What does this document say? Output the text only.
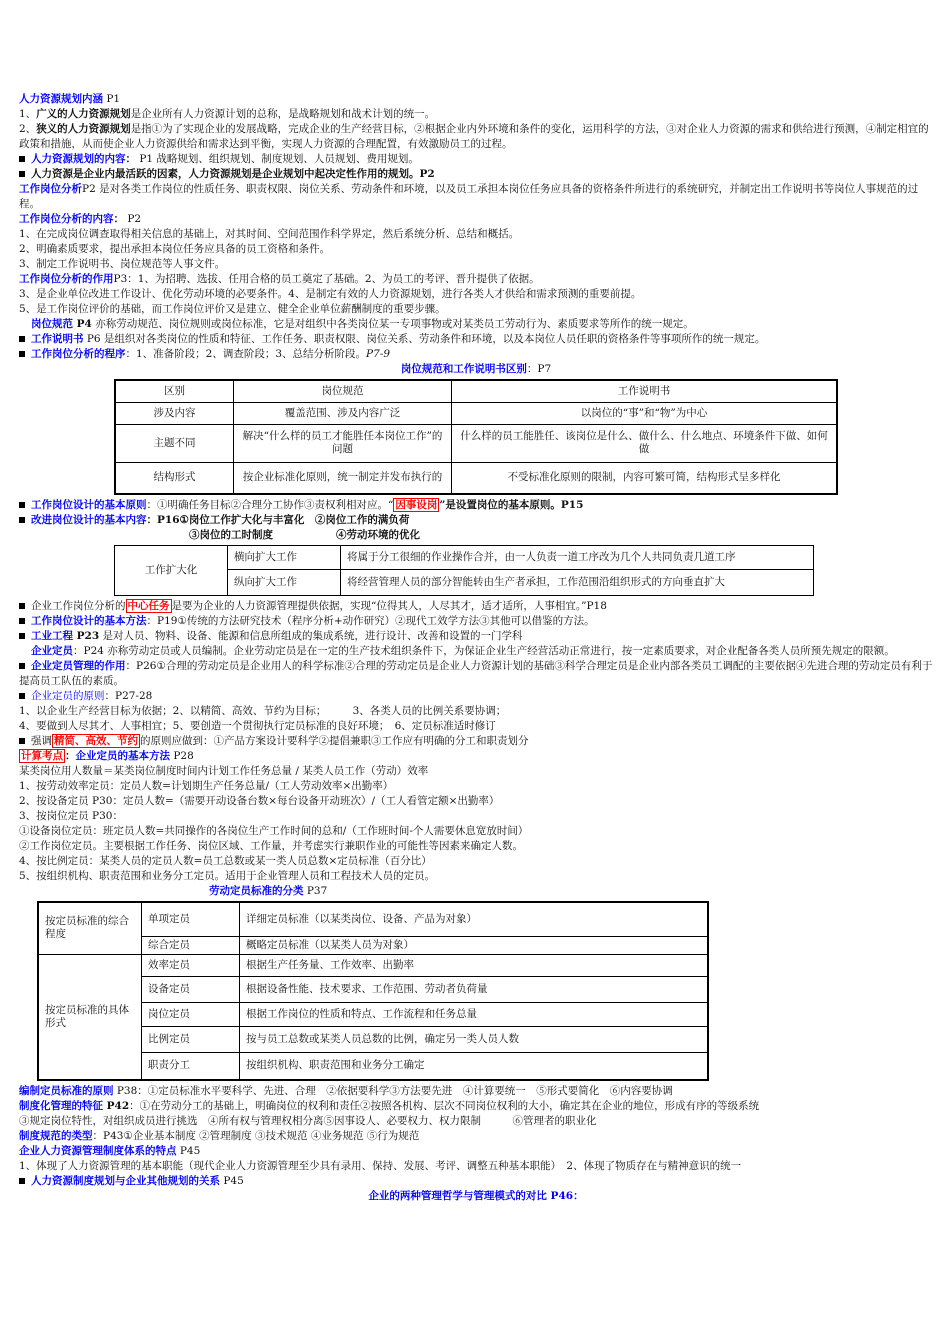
人力资源规划内涵 P1
1、广义的人力资源规划是企业所有人力资源计划的总称，是战略规划和战术计划的统一。
2、狭义的人力资源规划是指①为了实现企业的发展战略，完成企业的生产经营目标，②根据企业内外环境和条件的变化，运用科学的方法，③对企业人力资源的需求和供给进行预测，④制定相宜的政策和措施，从而使企业人力资源供给和需求达到平衡，实现人力资源的合理配置，有效激励员工的过程。
人力资源规划的内容： P1 战略规划、组织规划、制度规划、人员规划、费用规划。
人力资源是企业内最活跃的因素，人力资源规划是企业规划中起决定性作用的规划。P2
工作岗位分析P2 是对各类工作岗位的性质任务、职责权限、岗位关系、劳动条件和环境，以及员工承担本岗位任务应具备的资格条件所进行的系统研究，并制定出工作说明书等岗位人事规范的过程。
工作岗位分析的内容： P2
1、在完成岗位调查取得相关信息的基础上，对其时间、空间范围作科学界定，然后系统分析、总结和概括。
2、明确素质要求，提出承担本岗位任务应具备的员工资格和条件。
3、制定工作说明书、岗位规范等人事文件。
工作岗位分析的作用P3：1、为招聘、选拔、任用合格的员工奠定了基础。2、为员工的考评、晋升提供了依据。
3、是企业单位改进工作设计、优化劳动环境的必要条件。4、是制定有效的人力资源规划，进行各类人才供给和需求预测的重要前提。
5、是工作岗位评价的基础，而工作岗位评价又是建立、健全企业单位薪酬制度的重要步骤。
岗位规范 P4 亦称劳动规范、岗位规则或岗位标准，它是对组织中各类岗位某一专项事物或对某类员工劳动行为、素质要求等所作的统一规定。
工作说明书 P6 是组织对各类岗位的性质和特征、工作任务、职责权限、岗位关系、劳动条件和环境，以及本岗位人员任职的资格条件等事项所作的统一规定。
工作岗位分析的程序：1、准备阶段；2、调查阶段；3、总结分析阶段。P7-9
岗位规范和工作说明书区别：P7
区别	岗位规范	工作说明书
涉及内容	覆盖范围、涉及内容广泛	以岗位的“事”和“物”为中心
主题不同	解决“什么样的员工才能胜任本岗位工作”的问题	什么样的员工能胜任、该岗位是什么、做什么、什么地点、环境条件下做、如何做
结构形式	按企业标准化原则，统一制定并发布执行的	不受标准化原则的限制，内容可繁可简，结构形式呈多样化
工作岗位设计的基本原则：①明确任务目标②合理分工协作③责权利相对应。“ 因事设岗 ”是设置岗位的基本原则。P15
改进岗位设计的基本内容：P16①岗位工作扩大化与丰富化　②岗位工作的满负荷
③岗位的工时制度　　　　　　④劳动环境的优化
工作扩大化	横向扩大工作	将属于分工很细的作业操作合并，由一人负责一道工序改为几个人共同负责几道工序
	纵向扩大工作	将经营管理人员的部分智能转由生产者承担，工作范围沿组织形式的方向垂直扩大
企业工作岗位分析的 中心任务 是要为企业的人力资源管理提供依据，实现“位得其人，人尽其才，适才适所，人事相宜。”P18
工作岗位设计的基本方法：P19①传统的方法研究技术（程序分析+动作研究）②现代工效学方法③其他可以借鉴的方法。
工业工程 P23 是对人员、物料、设备、能源和信息所组成的集成系统，进行设计、改善和设置的一门学科
企业定员：P24 亦称劳动定员或人员编制。企业劳动定员是在一定的生产技术组织条件下，为保证企业生产经营活动正常进行，按一定素质要求，对企业配备各类人员所预先规定的限额。
企业定员管理的作用：P26①合理的劳动定员是企业用人的科学标准②合理的劳动定员是企业人力资源计划的基础③科学合理定员是企业内部各类员工调配的主要依据④先进合理的劳动定员有利于提高员工队伍的素质。
企业定员的原则：P27-28
1、以企业生产经营目标为依据；2、以精简、高效、节约为目标；　　　3、各类人员的比例关系要协调；
4、要做到人尽其才、人事相宜；5、要创造一个贯彻执行定员标准的良好环境；　6、定员标准适时修订
强调 精简、高效、节约 的原则应做到：①产品方案设计要科学②提倡兼职③工作应有明确的分工和职责划分
计算考点 ：企业定员的基本方法 P28
某类岗位用人数量＝某类岗位制度时间内计划工作任务总量 / 某类人员工作（劳动）效率
1、按劳动效率定员：定员人数=计划期生产任务总量/（工人劳动效率×出勤率）
2、按设备定员 P30：定员人数=（需要开动设备台数×每台设备开动班次）/（工人看管定额×出勤率）
3、按岗位定员 P30：
①设备岗位定员：班定员人数=共同操作的各岗位生产工作时间的总和/（工作班时间-个人需要休息宽放时间）
②工作岗位定员。主要根据工作任务、岗位区域、工作量，并考虑实行兼职作业的可能性等因素来确定人数。
4、按比例定员：某类人员的定员人数=员工总数或某一类人员总数×定员标准（百分比）
5、按组织机构、职责范围和业务分工定员。适用于企业管理人员和工程技术人员的定员。
劳动定员标准的分类 P37
按定员标准的综合程度	单项定员	详细定员标准（以某类岗位、设备、产品为对象）
	综合定员	概略定员标准（以某类人员为对象）
按定员标准的具体形式	效率定员	根据生产任务量、工作效率、出勤率
	设备定员	根据设备性能、技术要求、工作范围、劳动者负荷量
	岗位定员	根据工作岗位的性质和特点、工作流程和任务总量
	比例定员	按与员工总数或某类人员总数的比例，确定另一类人员人数
	职责分工	按组织机构、职责范围和业务分工确定
编制定员标准的原则 P38：①定员标准水平要科学、先进、合理　②依据要科学③方法要先进　④计算要统一　⑤形式要简化　⑥内容要协调
制度化管理的特征 P42：①在劳动分工的基础上，明确岗位的权利和责任②按照各机构、层次不同岗位权利的大小，确定其在企业的地位，形成有序的等级系统
③规定岗位特性，对组织成员进行挑选　④所有权与管理权相分离⑤因事设人、必要权力、权力限制　　　⑥管理者的职业化
制度规范的类型：P43①企业基本制度 ②管理制度 ③技术规范 ④业务规范 ⑤行为规范
企业人力资源管理制度体系的特点 P45
1、体现了人力资源管理的基本职能（现代企业人力资源管理至少具有录用、保持、发展、考评、调整五种基本职能）　2、体现了物质存在与精神意识的统一
人力资源制度规划与企业其他规划的关系 P45
企业的两种管理哲学与管理模式的对比 P46：
